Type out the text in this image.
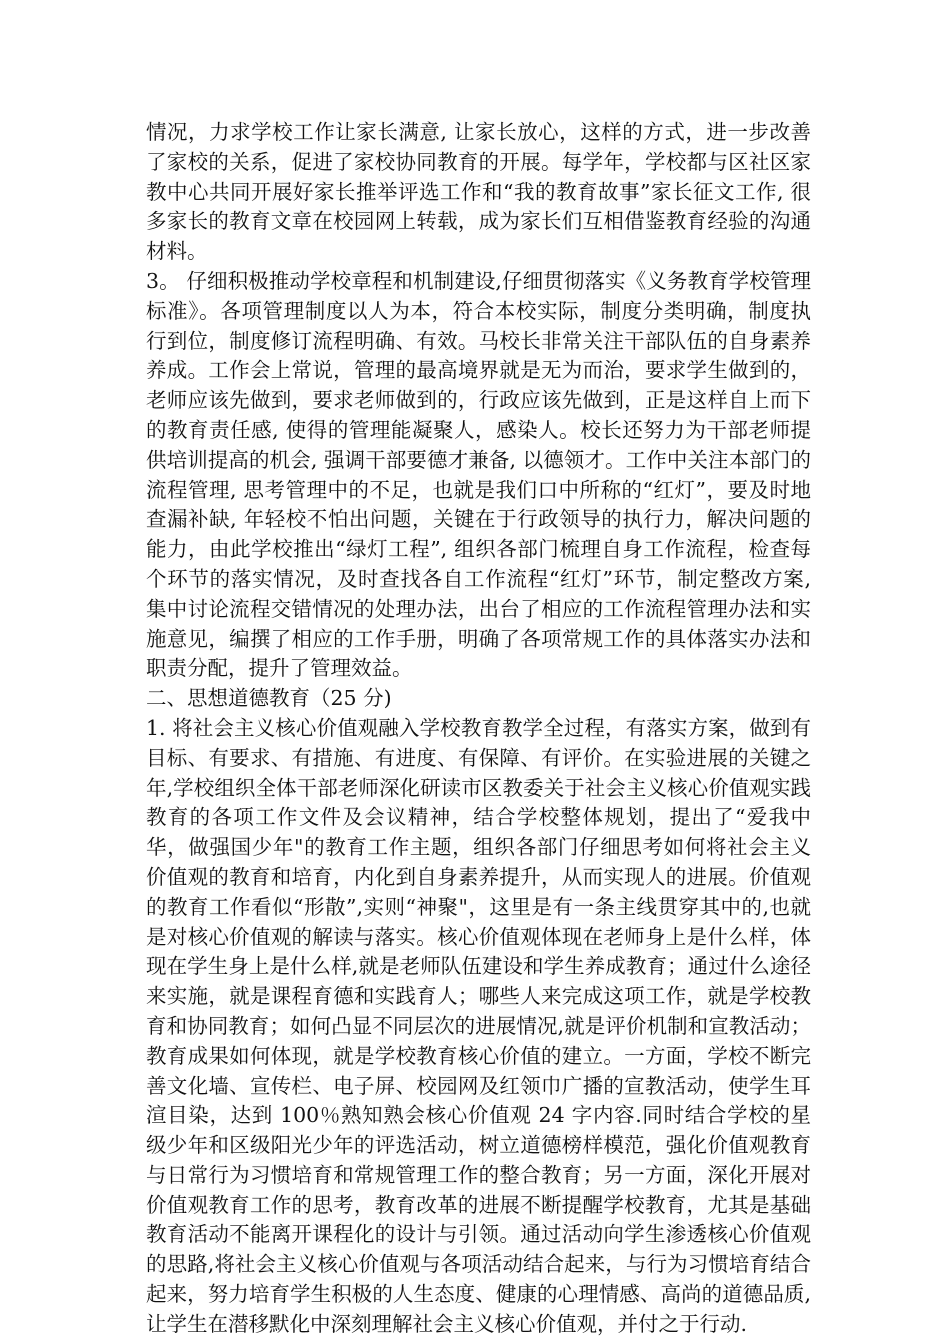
情况，力求学校工作让家长满意, 让家长放心，这样的方式，进一步改善了家校的关系，促进了家校协同教育的开展。每学年，学校都与区社区家教中心共同开展好家长推举评选工作和“我的教育故事”家长征文工作, 很多家长的教育文章在校园网上转载，成为家长们互相借鉴教育经验的沟通材料。

3。 仔细积极推动学校章程和机制建设,仔细贯彻落实《义务教育学校管理标准》。各项管理制度以人为本，符合本校实际，制度分类明确，制度执行到位，制度修订流程明确、有效。马校长非常关注干部队伍的自身素养养成。工作会上常说，管理的最高境界就是无为而治，要求学生做到的，老师应该先做到，要求老师做到的，行政应该先做到，正是这样自上而下的教育责任感, 使得的管理能凝聚人，感染人。校长还努力为干部老师提供培训提高的机会, 强调干部要德才兼备, 以德领才。工作中关注本部门的流程管理, 思考管理中的不足，也就是我们口中所称的“红灯”，要及时地查漏补缺, 年轻校不怕出问题，关键在于行政领导的执行力，解决问题的能力，由此学校推出“绿灯工程”, 组织各部门梳理自身工作流程，检查每个环节的落实情况，及时查找各自工作流程“红灯”环节，制定整改方案, 集中讨论流程交错情况的处理办法，出台了相应的工作流程管理办法和实施意见，编撰了相应的工作手册，明确了各项常规工作的具体落实办法和职责分配，提升了管理效益。

二、思想道德教育（25 分)

1. 将社会主义核心价值观融入学校教育教学全过程，有落实方案，做到有目标、有要求、有措施、有进度、有保障、有评价。在实验进展的关键之年,学校组织全体干部老师深化研读市区教委关于社会主义核心价值观实践教育的各项工作文件及会议精神，结合学校整体规划，提出了“爱我中华，做强国少年"的教育工作主题，组织各部门仔细思考如何将社会主义价值观的教育和培育，内化到自身素养提升，从而实现人的进展。价值观的教育工作看似“形散”,实则“神聚"，这里是有一条主线贯穿其中的,也就是对核心价值观的解读与落实。核心价值观体现在老师身上是什么样，体现在学生身上是什么样,就是老师队伍建设和学生养成教育；通过什么途径来实施，就是课程育德和实践育人；哪些人来完成这项工作，就是学校教育和协同教育；如何凸显不同层次的进展情况,就是评价机制和宣教活动；教育成果如何体现，就是学校教育核心价值的建立。一方面，学校不断完善文化墙、宣传栏、电子屏、校园网及红领巾广播的宣教活动，使学生耳渲目染，达到 100％熟知熟会核心价值观 24 字内容.同时结合学校的星级少年和区级阳光少年的评选活动，树立道德榜样模范，强化价值观教育与日常行为习惯培育和常规管理工作的整合教育；另一方面，深化开展对价值观教育工作的思考，教育改革的进展不断提醒学校教育，尤其是基础教育活动不能离开课程化的设计与引领。通过活动向学生渗透核心价值观的思路,将社会主义核心价值观与各项活动结合起来，与行为习惯培育结合起来，努力培育学生积极的人生态度、健康的心理情感、高尚的道德品质,让学生在潜移默化中深刻理解社会主义核心价值观，并付之于行动.
